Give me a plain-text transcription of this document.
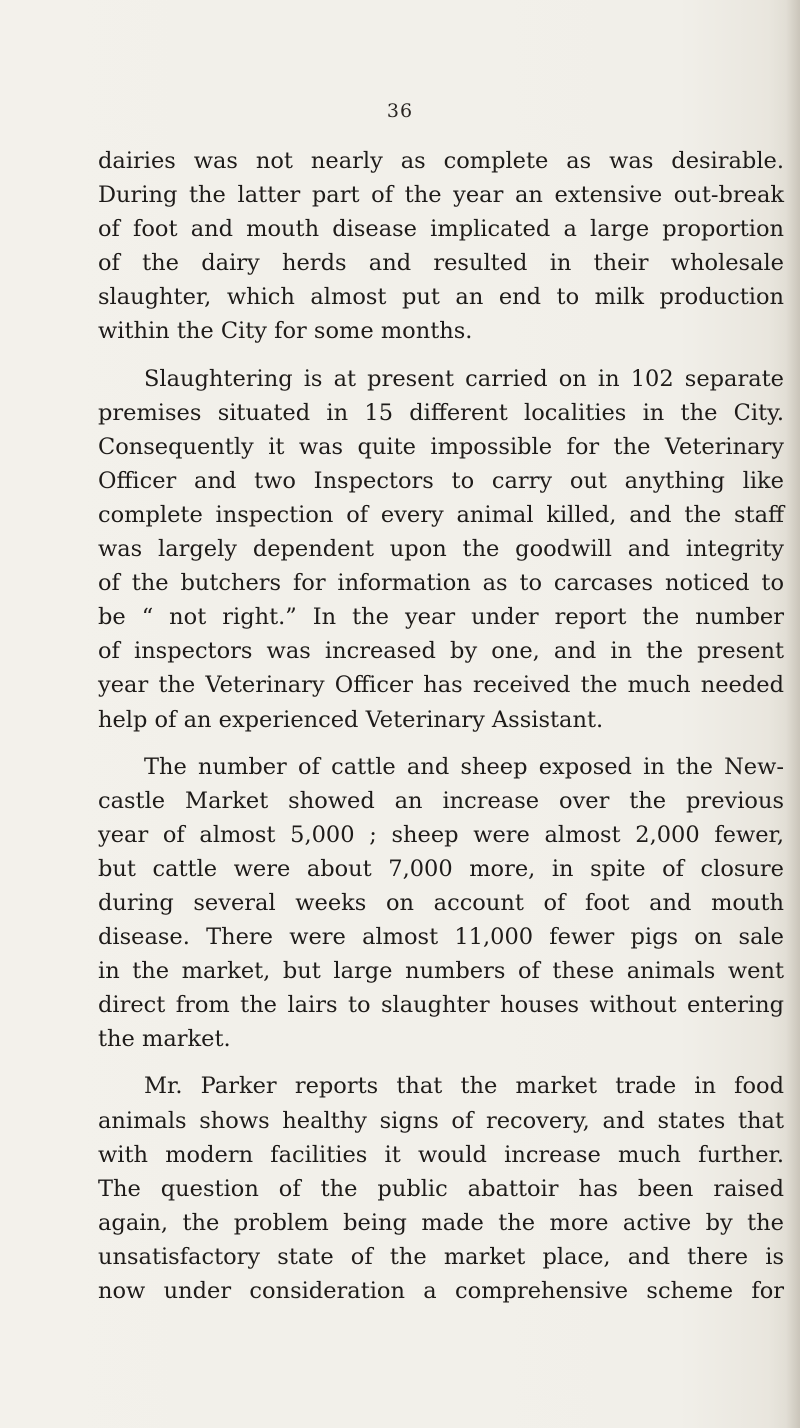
36

dairies was not nearly as complete as was desirable.
During the latter part of the year an extensive out-break
of foot and mouth disease implicated a large proportion
of the dairy herds and resulted in their wholesale
slaughter, which almost put an end to milk production
within the City for some months.

Slaughtering is at present carried on in 102 separate
premises situated in 15 different localities in the City.
Consequently it was quite impossible for the Veterinary
Officer and two Inspectors to carry out anything like
complete inspection of every animal killed, and the staff
was largely dependent upon the goodwill and integrity
of the butchers for information as to carcases noticed to
be “ not right.” In the year under report the number
of inspectors was increased by one, and in the present
year the Veterinary Officer has received the much needed
help of an experienced Veterinary Assistant.

The number of cattle and sheep exposed in the New-
castle Market showed an increase over the previous
year of almost 5,000 ; sheep were almost 2,000 fewer,
but cattle were about 7,000 more, in spite of closure
during several weeks on account of foot and mouth
disease. There were almost 11,000 fewer pigs on sale
in the market, but large numbers of these animals went
direct from the lairs to slaughter houses without entering
the market.

Mr. Parker reports that the market trade in food
animals shows healthy signs of recovery, and states that
with modern facilities it would increase much further.
The question of the public abattoir has been raised
again, the problem being made the more active by the
unsatisfactory state of the market place, and there is
now under consideration a comprehensive scheme for
